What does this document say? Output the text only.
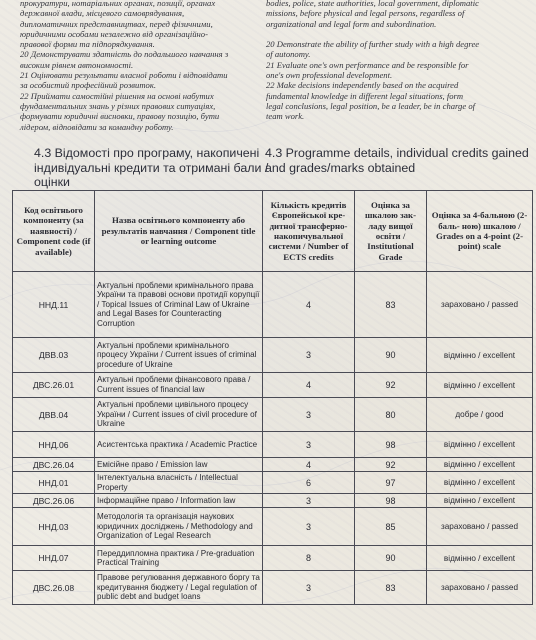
прокуратури, нотаріальних органах, позиції, органах

державної влади, місцевого самоврядування,

дипломатичних представництвах, перед фізичними,

юридичними особами незалежно від організаційно-

правової форми та підпорядкування.

20 Демонструвати здатність до подальшого навчання з

високим рівнем автономності.

21 Оцінювати результати власної роботи і відповідати

за особистий професійний розвиток.

22 Приймати самостійні рішення на основі набутих

фундаментальних знань у різних правових ситуаціях,

формувати юридичні висновки, правову позицію, бути

лідером, відповідати за командну роботу.

bodies, police, state authorities, local government, diplomatic

missions, before physical and legal persons, regardless of

organizational and legal form and subordination.

20 Demonstrate the ability of further study with a high degree

of autonomy.

21 Evaluate one's own performance and be responsible for

one's own professional development.

22 Make decisions independently based on the acquired

fundamental knowledge in different legal situations, form

legal conclusions, legal position, be a leader, be in charge of

team work.

4.3 Відомості про програму, накопичені індивідуальні кредити та отримані бали / оцінки
4.3 Programme details, individual credits gained and grades/marks obtained
Код освітнього компоненту (за наявності) / Component code (if available)	Назва освітнього компоненту або результатів навчання / Component title or learning outcome	Кількість кредитів Європейської кре- дитної трансферно- накопичувальної системи / Number of ECTS credits	Оцінка за шкалою зак- ладу вищої освіти / Institutional Grade	Оцінка за 4-бальною (2-баль- ною) шкалою / Grades on a 4-point (2-point) scale
ННД.11	Актуальні проблеми кримінального права України та правові основи протидії корупції / Topical Issues of Criminal Law of Ukraine and Legal Bases for Counteracting Corruption	4	83	зараховано / passed
ДВВ.03	Актуальні проблеми кримінального процесу України / Current issues of criminal procedure of Ukraine	3	90	відмінно / excellent
ДВС.26.01	Актуальні проблеми фінансового права / Current issues of financial law	4	92	відмінно / excellent
ДВВ.04	Актуальні проблеми цивільного процесу України / Current issues of civil procedure of Ukraine	3	80	добре / good
ННД.06	Асистентська практика / Academic Practice	3	98	відмінно / excellent
ДВС.26.04	Емісійне право / Emission law	4	92	відмінно / excellent
ННД.01	Інтелектуальна власність / Intellectual Property	6	97	відмінно / excellent
ДВС.26.06	Інформаційне право / Information law	3	98	відмінно / excellent
ННД.03	Методологія та організація наукових юридичних досліджень / Methodology and Organization of Legal Research	3	85	зараховано / passed
ННД.07	Переддипломна практика / Pre-graduation Practical Training	8	90	відмінно / excellent
ДВС.26.08	Правове регулювання державного боргу та кредитування бюджету / Legal regulation of public debt and budget loans	3	83	зараховано / passed
